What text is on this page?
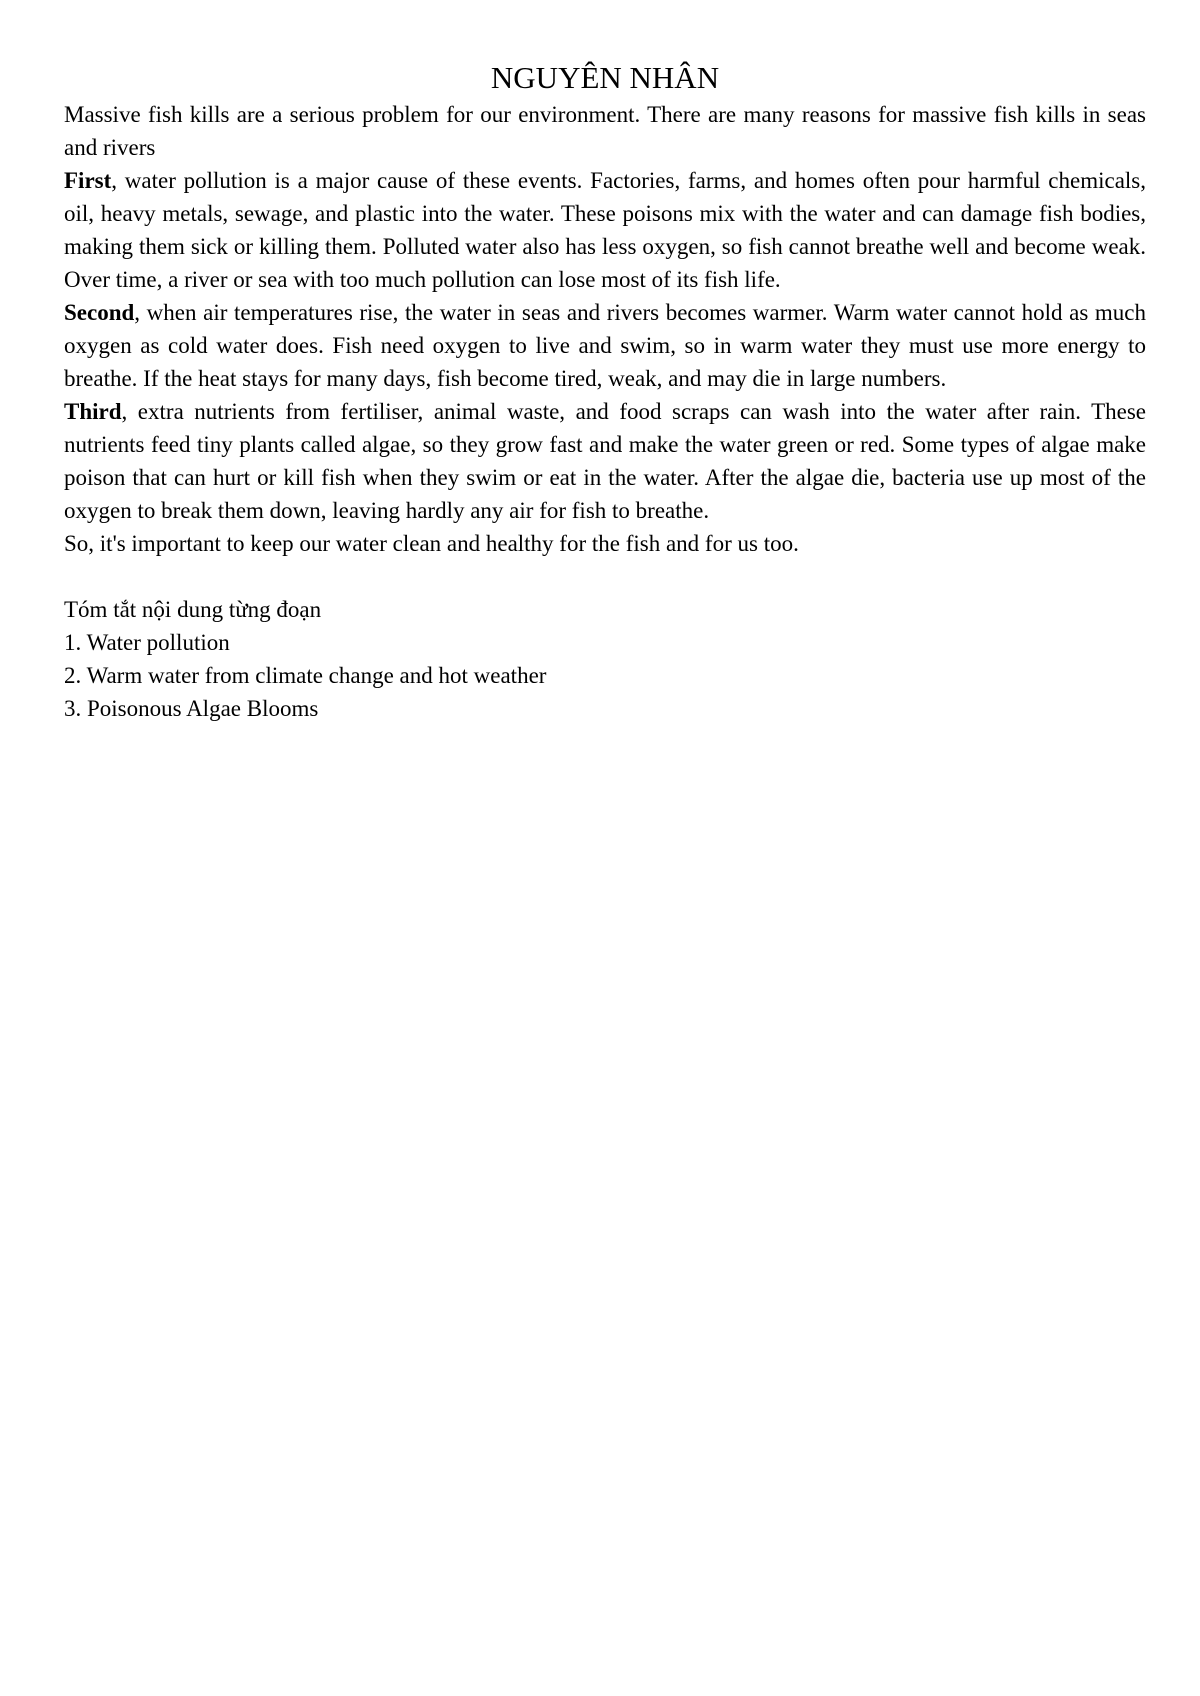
NGUYÊN NHÂN

Massive fish kills are a serious problem for our environment. There are many reasons for massive fish kills in seas and rivers

First, water pollution is a major cause of these events. Factories, farms, and homes often pour harmful chemicals, oil, heavy metals, sewage, and plastic into the water. These poisons mix with the water and can damage fish bodies, making them sick or killing them. Polluted water also has less oxygen, so fish cannot breathe well and become weak. Over time, a river or sea with too much pollution can lose most of its fish life.

Second, when air temperatures rise, the water in seas and rivers becomes warmer. Warm water cannot hold as much oxygen as cold water does. Fish need oxygen to live and swim, so in warm water they must use more energy to breathe. If the heat stays for many days, fish become tired, weak, and may die in large numbers.

Third, extra nutrients from fertiliser, animal waste, and food scraps can wash into the water after rain. These nutrients feed tiny plants called algae, so they grow fast and make the water green or red. Some types of algae make poison that can hurt or kill fish when they swim or eat in the water. After the algae die, bacteria use up most of the oxygen to break them down, leaving hardly any air for fish to breathe.

So, it's important to keep our water clean and healthy for the fish and for us too.

Tóm tắt nội dung từng đoạn

1. Water pollution
2. Warm water from climate change and hot weather
3. Poisonous Algae Blooms
